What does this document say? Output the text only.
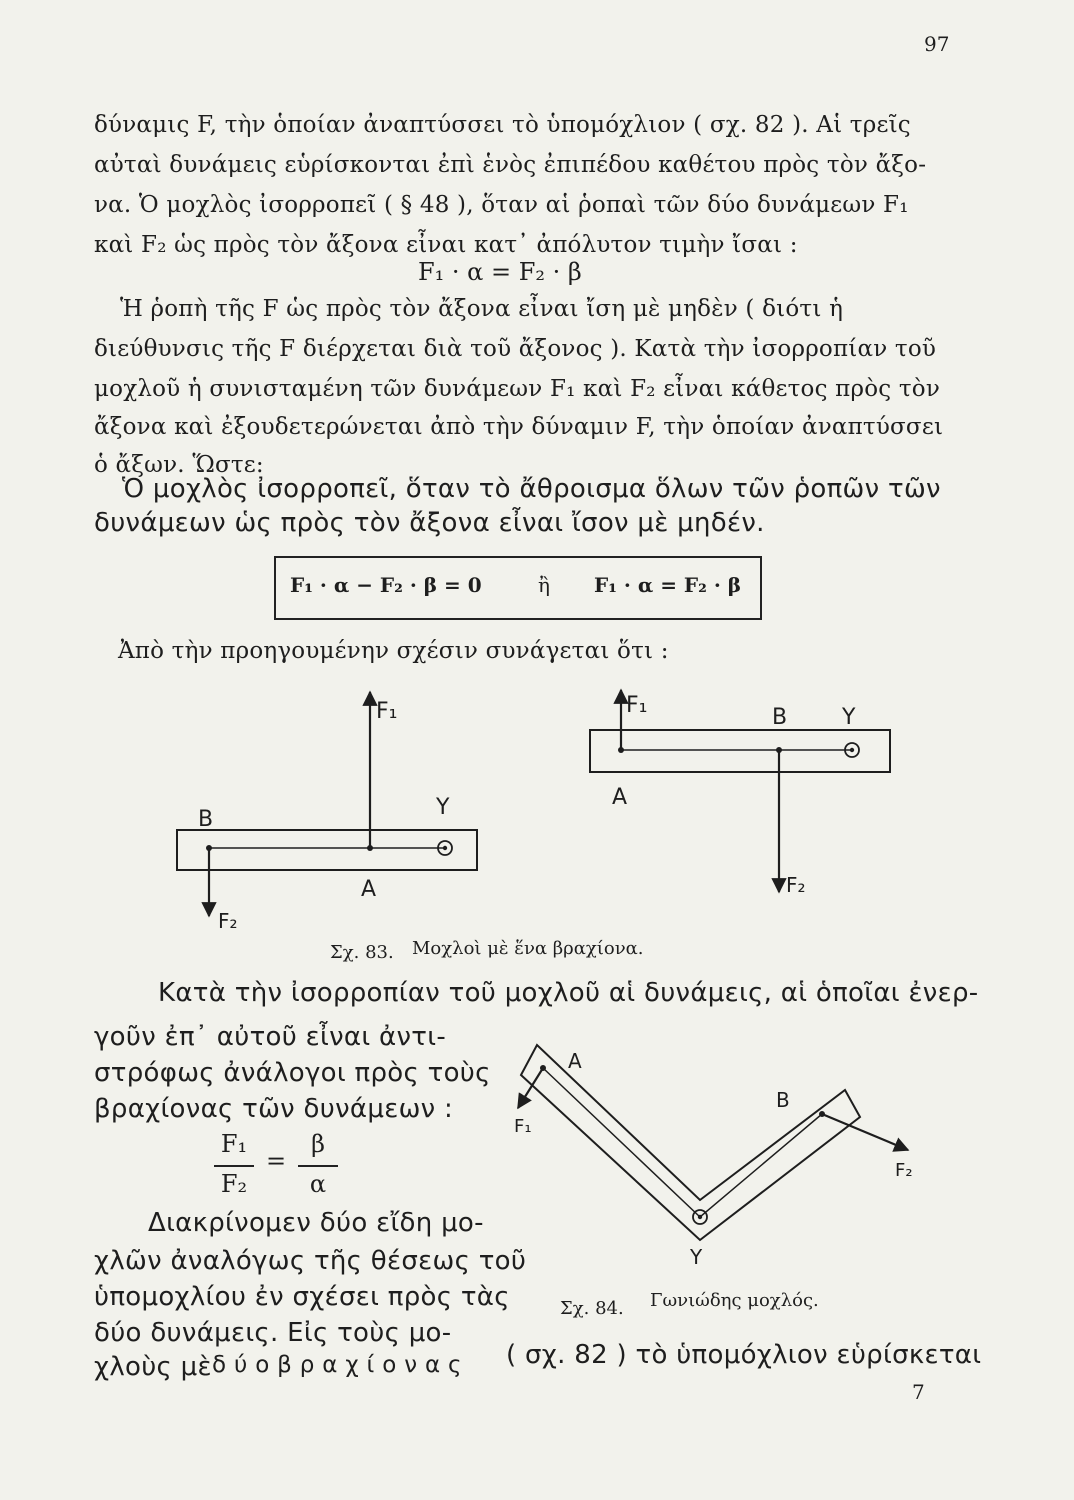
97
δύναμις F, τὴν ὁποίαν ἀναπτύσσει τὸ ὑπομόχλιον ( σχ. 82 ). Αἱ τρεῖς
αὐταὶ δυνάμεις εὑρίσκονται ἐπὶ ἑνὸς ἐπιπέδου καθέτου πρὸς τὸν ἄξο-
να. Ὁ μοχλὸς ἰσορροπεῖ ( § 48 ), ὅταν αἱ ῥοπαὶ τῶν δύο δυνάμεων F₁
καὶ F₂ ὡς πρὸς τὸν ἄξονα εἶναι κατ᾽ ἀπόλυτον τιμὴν ἴσαι :
F₁ · α = F₂ · β
Ἡ ῥοπὴ τῆς F ὡς πρὸς τὸν ἄξονα εἶναι ἴση μὲ μηδὲν ( διότι ἡ
διεύθυνσις τῆς F διέρχεται διὰ τοῦ ἄξονος ). Κατὰ τὴν ἰσορροπίαν τοῦ
μοχλοῦ ἡ συνισταμένη τῶν δυνάμεων F₁ καὶ F₂ εἶναι κάθετος πρὸς τὸν
ἄξονα καὶ ἐξουδετερώνεται ἀπὸ τὴν δύναμιν F, τὴν ὁποίαν ἀναπτύσσει
ὁ ἄξων. Ὥστε:
Ὁ μοχλὸς ἰσορροπεῖ, ὅταν τὸ ἄθροισμα ὅλων τῶν ῥοπῶν τῶν
δυνάμεων ὡς πρὸς τὸν ἄξονα εἶναι ἴσον μὲ μηδέν.
F₁ · α − F₂ · β = 0	ἢ F₁ · α = F₂ · β
Ἀπὸ τὴν προηγουμένην σχέσιν συνάγεται ὅτι :
F₁
F₂
B	Y
A
F₁
F₂
A
B Y
A
B
Y
F₁
F₂
Σχ. 83. Μοχλοὶ μὲ ἕνα βραχίονα.
Κατὰ τὴν ἰσορροπίαν τοῦ μοχλοῦ αἱ δυνάμεις, αἱ ὁποῖαι ἐνερ-
γοῦν ἐπ᾽ αὐτοῦ εἶναι ἀντι-
στρόφως ἀνάλογοι πρὸς τοὺς
βραχίονας τῶν δυνάμεων :
F₁
F₂
=
β
α
Διακρίνομεν δύο εἴδη μο-
χλῶν ἀναλόγως τῆς θέσεως τοῦ
ὑπομοχλίου ἐν σχέσει πρὸς τὰς
δύο δυνάμεις. Εἰς τοὺς μο-
Σχ. 84. Γωνιώδης μοχλός.
χλοὺς μὲ δ ύ ο β ρ α χ ί ο ν α ς ( σχ. 82 ) τὸ ὑπομόχλιον εὑρίσκεται
7
